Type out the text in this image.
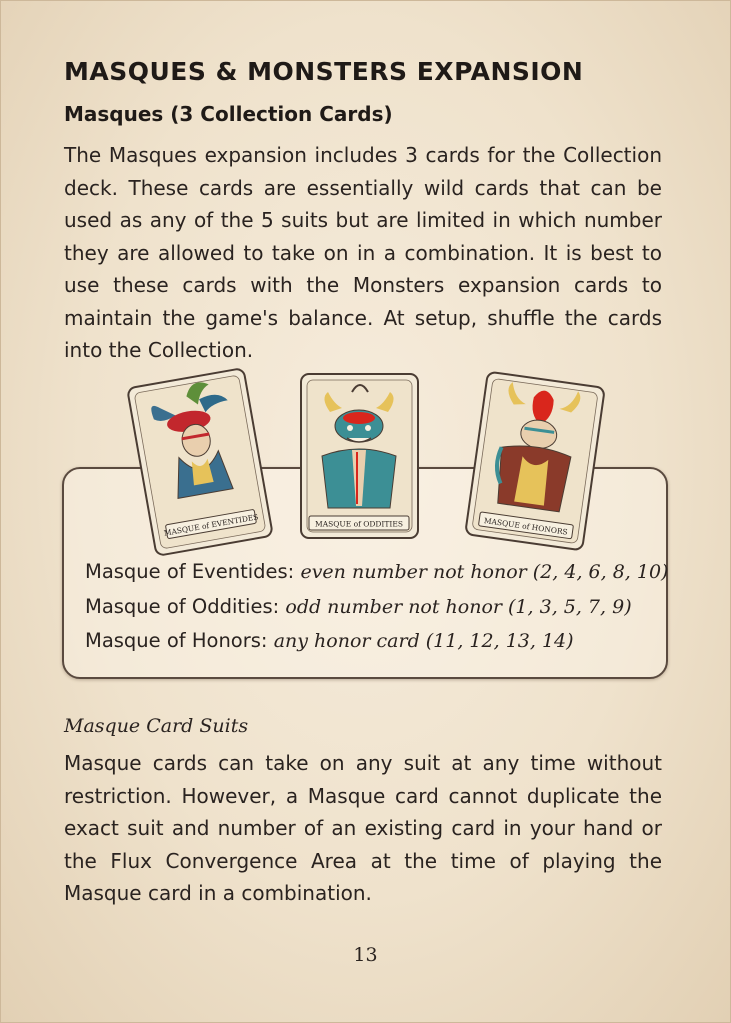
MASQUES & MONSTERS EXPANSION
Masques (3 Collection Cards)

The Masques expansion includes 3 cards for the Collection deck. These cards are essentially wild cards that can be used as any of the 5 suits but are limited in which number they are allowed to take on in a combination. It is best to use these cards with the Monsters expansion cards to maintain the game's balance. At setup, shuffle the cards into the Collection.

MASQUE of EVENTIDES	MASQUE of ODDITIES	MASQUE of HONORS
Masque of Eventides: even number not honor (2, 4, 6, 8, 10)
Masque of Oddities: odd number not honor (1, 3, 5, 7, 9)
Masque of Honors: any honor card (11, 12, 13, 14)
Masque Card Suits

Masque cards can take on any suit at any time without restriction. However, a Masque card cannot duplicate the exact suit and number of an existing card in your hand or the Flux Convergence Area at the time of playing the Masque card in a combination.

13
